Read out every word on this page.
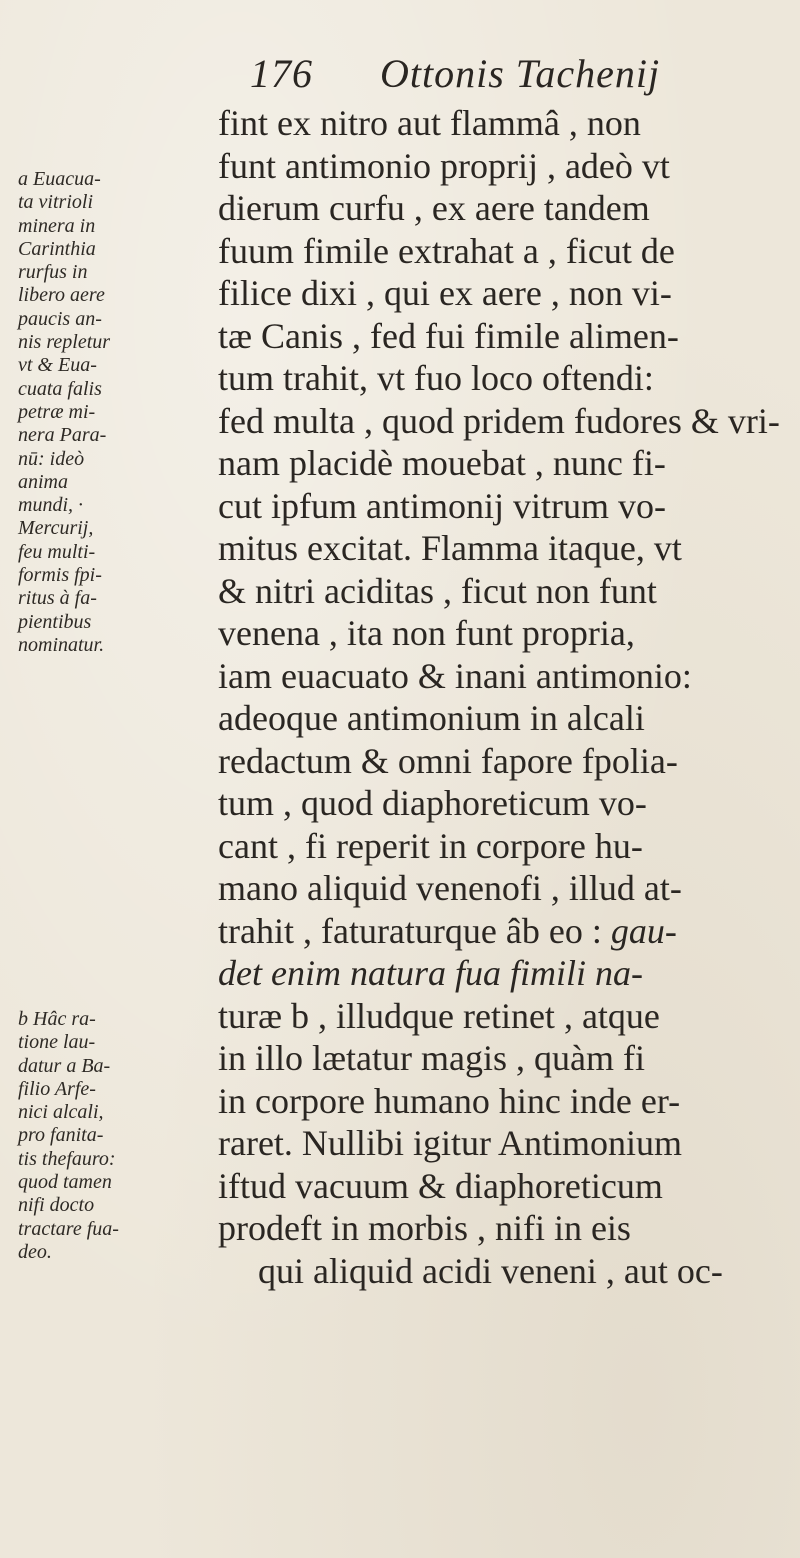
176 Ottonis Tachenij
fint ex nitro aut flammâ , non
funt antimonio proprij , adeò vt
dierum curfu , ex aere tandem
fuum fimile extrahat a , ficut de
filice dixi , qui ex aere , non vi-
tæ Canis , fed fui fimile alimen-
tum trahit, vt fuo loco oftendi:
fed multa , quod pridem fudores & vri-
nam placidè mouebat , nunc fi-
cut ipfum antimonij vitrum vo-
mitus excitat. Flamma itaque, vt
& nitri aciditas , ficut non funt
venena , ita non funt propria,
iam euacuato & inani antimonio:
adeoque antimonium in alcali
redactum & omni fapore fpolia-
tum , quod diaphoreticum vo-
cant , fi reperit in corpore hu-
mano aliquid venenofi , illud at-
trahit , faturaturque âb eo : gau-
det enim natura fua fimili na-
turæ b , illudque retinet , atque
in illo lætatur magis , quàm fi
in corpore humano hinc inde er-
raret. Nullibi igitur Antimonium
iftud vacuum & diaphoreticum
prodeft in morbis , nifi in eis
qui aliquid acidi veneni , aut oc-
a Euacua-
ta vitrioli
minera in
Carinthia
rurfus in
libero aere
paucis an-
nis repletur
vt & Eua-
cuata falis
petræ mi-
nera Para-
nū: ideò
anima
mundi, ·
Mercurij,
feu multi-
formis fpi-
ritus à fa-
pientibus
nominatur.
b Hâc ra-
tione lau-
datur a Ba-
filio Arfe-
nici alcali,
pro fanita-
tis thefauro:
quod tamen
nifi docto
tractare fua-
deo.
